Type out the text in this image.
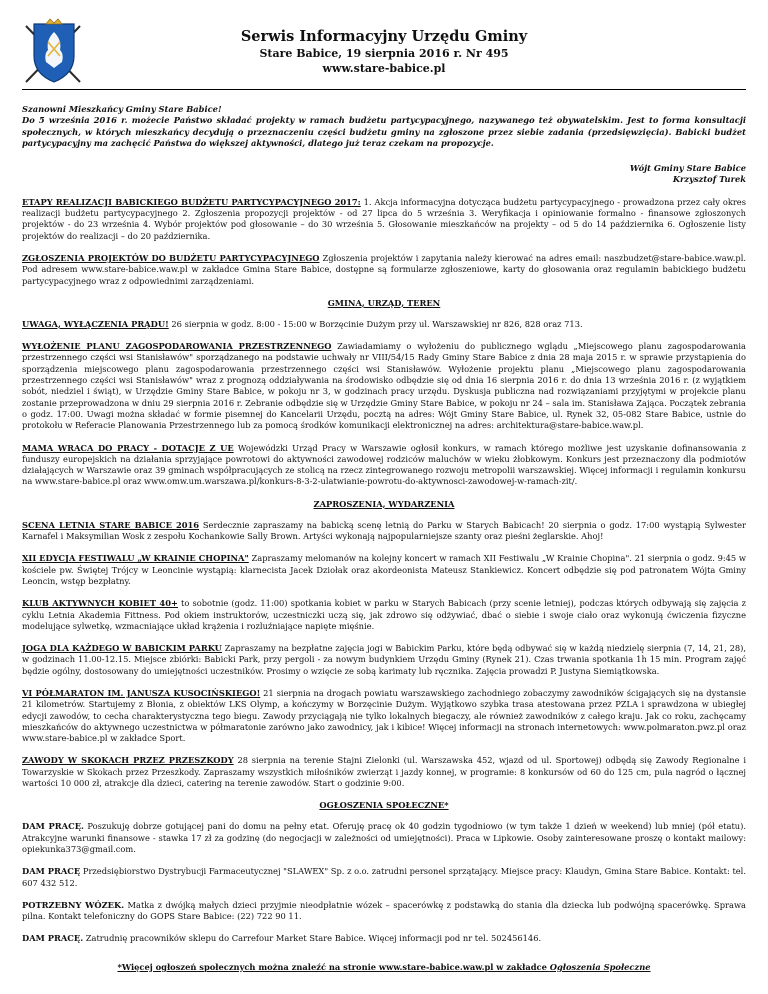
Serwis Informacyjny Urzędu Gminy
Stare Babice, 19 sierpnia 2016 r. Nr 495
www.stare-babice.pl
Szanowni Mieszkańcy Gminy Stare Babice!
Do 5 września 2016 r. możecie Państwo składać projekty w ramach budżetu partycypacyjnego, nazywanego też obywatelskim. Jest to forma konsultacji społecznych, w których mieszkańcy decydują o przeznaczeniu części budżetu gminy na zgłoszone przez siebie zadania (przedsięwzięcia). Babicki budżet partycypacyjny ma zachęcić Państwa do większej aktywności, dlatego już teraz czekam na propozycje.
Wójt Gminy Stare Babice
Krzysztof Turek

ETAPY REALIZACJI BABICKIEGO BUDŻETU PARTYCYPACYJNEGO 2017: 1. Akcja informacyjna dotycząca budżetu partycypacyjnego - prowadzona przez cały okres realizacji budżetu partycypacyjnego 2. Zgłoszenia propozycji projektów - od 27 lipca do 5 września 3. Weryfikacja i opiniowanie formalno - finansowe zgłoszonych projektów - do 23 września 4. Wybór projektów pod głosowanie – do 30 września 5. Głosowanie mieszkańców na projekty – od 5 do 14 października 6. Ogłoszenie listy projektów do realizacji – do 20 października.

ZGŁOSZENIA PROJEKTÓW DO BUDŻETU PARTYCYPACYJNEGO Zgłoszenia projektów i zapytania należy kierować na adres email: naszbudzet@stare-babice.waw.pl. Pod adresem www.stare-babice.waw.pl w zakładce Gmina Stare Babice, dostępne są formularze zgłoszeniowe, karty do głosowania oraz regulamin babickiego budżetu partycypacyjnego wraz z odpowiednimi zarządzeniami.

GMINA, URZĄD, TEREN

UWAGA, WYŁĄCZENIA PRĄDU! 26 sierpnia w godz. 8:00 - 15:00 w Borzęcinie Dużym przy ul. Warszawskiej nr 826, 828 oraz 713.

WYŁOŻENIE PLANU ZAGOSPODAROWANIA PRZESTRZENNEGO Zawiadamiamy o wyłożeniu do publicznego wglądu „Miejscowego planu zagospodarowania przestrzennego części wsi Stanisławów" sporządzanego na podstawie uchwały nr VIII/54/15 Rady Gminy Stare Babice z dnia 28 maja 2015 r. w sprawie przystąpienia do sporządzenia miejscowego planu zagospodarowania przestrzennego części wsi Stanisławów. Wyłożenie projektu planu „Miejscowego planu zagospodarowania przestrzennego części wsi Stanisławów" wraz z prognozą oddziaływania na środowisko odbędzie się od dnia 16 sierpnia 2016 r. do dnia 13 września 2016 r. (z wyjątkiem sobót, niedziel i świąt), w Urzędzie Gminy Stare Babice, w pokoju nr 3, w godzinach pracy urzędu. Dyskusja publiczna nad rozwiązaniami przyjętymi w projekcie planu zostanie przeprowadzona w dniu 29 sierpnia 2016 r. Zebranie odbędzie się w Urzędzie Gminy Stare Babice, w pokoju nr 24 – sala im. Stanisława Zająca. Początek zebrania o godz. 17:00. Uwagi można składać w formie pisemnej do Kancelarii Urzędu, pocztą na adres: Wójt Gminy Stare Babice, ul. Rynek 32, 05-082 Stare Babice, ustnie do protokołu w Referacie Planowania Przestrzennego lub za pomocą środków komunikacji elektronicznej na adres: architektura@stare-babice.waw.pl.

MAMA WRACA DO PRACY - DOTACJE Z UE Wojewódzki Urząd Pracy w Warszawie ogłosił konkurs, w ramach którego możliwe jest uzyskanie dofinansowania z funduszy europejskich na działania sprzyjające powrotowi do aktywności zawodowej rodziców maluchów w wieku żłobkowym. Konkurs jest przeznaczony dla podmiotów działających w Warszawie oraz 39 gminach współpracujących ze stolicą na rzecz zintegrowanego rozwoju metropolii warszawskiej. Więcej informacji i regulamin konkursu na www.stare-babice.pl oraz www.omw.um.warszawa.pl/konkurs-8-3-2-ulatwianie-powrotu-do-aktywnosci-zawodowej-w-ramach-zit/.

ZAPROSZENIA, WYDARZENIA

SCENA LETNIA STARE BABICE 2016 Serdecznie zapraszamy na babicką scenę letnią do Parku w Starych Babicach! 20 sierpnia o godz. 17:00 wystąpią Sylwester Karnafel i Maksymilian Wosk z zespołu Kochankowie Sally Brown. Artyści wykonają najpopularniejsze szanty oraz pieśni żeglarskie. Ahoj!

XII EDYCJA FESTIWALU „W KRAINIE CHOPINA" Zapraszamy melomanów na kolejny koncert w ramach XII Festiwalu „W Krainie Chopina". 21 sierpnia o godz. 9:45 w kościele pw. Świętej Trójcy w Leoncinie wystąpią: klarnecista Jacek Dziołak oraz akordeonista Mateusz Stankiewicz. Koncert odbędzie się pod patronatem Wójta Gminy Leoncin, wstęp bezpłatny.

KLUB AKTYWNYCH KOBIET 40+ to sobotnie (godz. 11:00) spotkania kobiet w parku w Starych Babicach (przy scenie letniej), podczas których odbywają się zajęcia z cyklu Letnia Akademia Fittness. Pod okiem instruktorów, uczestniczki uczą się, jak zdrowo się odżywiać, dbać o siebie i swoje ciało oraz wykonują ćwiczenia fizyczne modelujące sylwetkę, wzmacniające układ krążenia i rozluźniające napięte mięśnie.

JOGA DLA KAŻDEGO W BABICKIM PARKU Zapraszamy na bezpłatne zajęcia jogi w Babickim Parku, które będą odbywać się w każdą niedzielę sierpnia (7, 14, 21, 28), w godzinach 11.00-12.15. Miejsce zbiórki: Babicki Park, przy pergoli - za nowym budynkiem Urzędu Gminy (Rynek 21). Czas trwania spotkania 1h 15 min. Program zajęć będzie ogólny, dostosowany do umiejętności uczestników. Prosimy o wzięcie ze sobą karimaty lub ręcznika. Zajęcia prowadzi P. Justyna Siemiątkowska.

VI PÓŁMARATON IM. JANUSZA KUSOCIŃSKIEGO! 21 sierpnia na drogach powiatu warszawskiego zachodniego zobaczymy zawodników ścigających się na dystansie 21 kilometrów. Startujemy z Błonia, z obiektów LKS Olymp, a kończymy w Borzęcinie Dużym. Wyjątkowo szybka trasa atestowana przez PZLA i sprawdzona w ubiegłej edycji zawodów, to cecha charakterystyczna tego biegu. Zawody przyciągają nie tylko lokalnych biegaczy, ale również zawodników z całego kraju. Jak co roku, zachęcamy mieszkańców do aktywnego uczestnictwa w półmaratonie zarówno jako zawodnicy, jak i kibice! Więcej informacji na stronach internetowych: www.polmaraton.pwz.pl oraz www.stare-babice.pl w zakładce Sport.

ZAWODY W SKOKACH PRZEZ PRZESZKODY 28 sierpnia na terenie Stajni Zielonki (ul. Warszawska 452, wjazd od ul. Sportowej) odbędą się Zawody Regionalne i Towarzyskie w Skokach przez Przeszkody. Zapraszamy wszystkich miłośników zwierząt i jazdy konnej, w programie: 8 konkursów od 60 do 125 cm, pula nagród o łącznej wartości 10 000 zł, atrakcje dla dzieci, catering na terenie zawodów. Start o godzinie 9:00.

OGŁOSZENIA SPOŁECZNE*

DAM PRACĘ. Poszukuję dobrze gotującej pani do domu na pełny etat. Oferuję pracę ok 40 godzin tygodniowo (w tym także 1 dzień w weekend) lub mniej (pół etatu). Atrakcyjne warunki finansowe - stawka 17 zł za godzinę (do negocjacji w zależności od umiejętności). Praca w Lipkowie. Osoby zainteresowane proszę o kontakt mailowy: opiekunka373@gmail.com.

DAM PRACĘ Przedsiębiorstwo Dystrybucji Farmaceutycznej "SLAWEX" Sp. z o.o. zatrudni personel sprzątający. Miejsce pracy: Klaudyn, Gmina Stare Babice. Kontakt: tel. 607 432 512.

POTRZEBNY WÓZEK. Matka z dwójką małych dzieci przyjmie nieodpłatnie wózek – spacerówkę z podstawką do stania dla dziecka lub podwójną spacerówkę. Sprawa pilna. Kontakt telefoniczny do GOPS Stare Babice: (22) 722 90 11.

DAM PRACĘ. Zatrudnię pracowników sklepu do Carrefour Market Stare Babice. Więcej informacji pod nr tel. 502456146.

*Więcej ogłoszeń społecznych można znaleźć na stronie www.stare-babice.waw.pl w zakładce Ogłoszenia Społeczne
